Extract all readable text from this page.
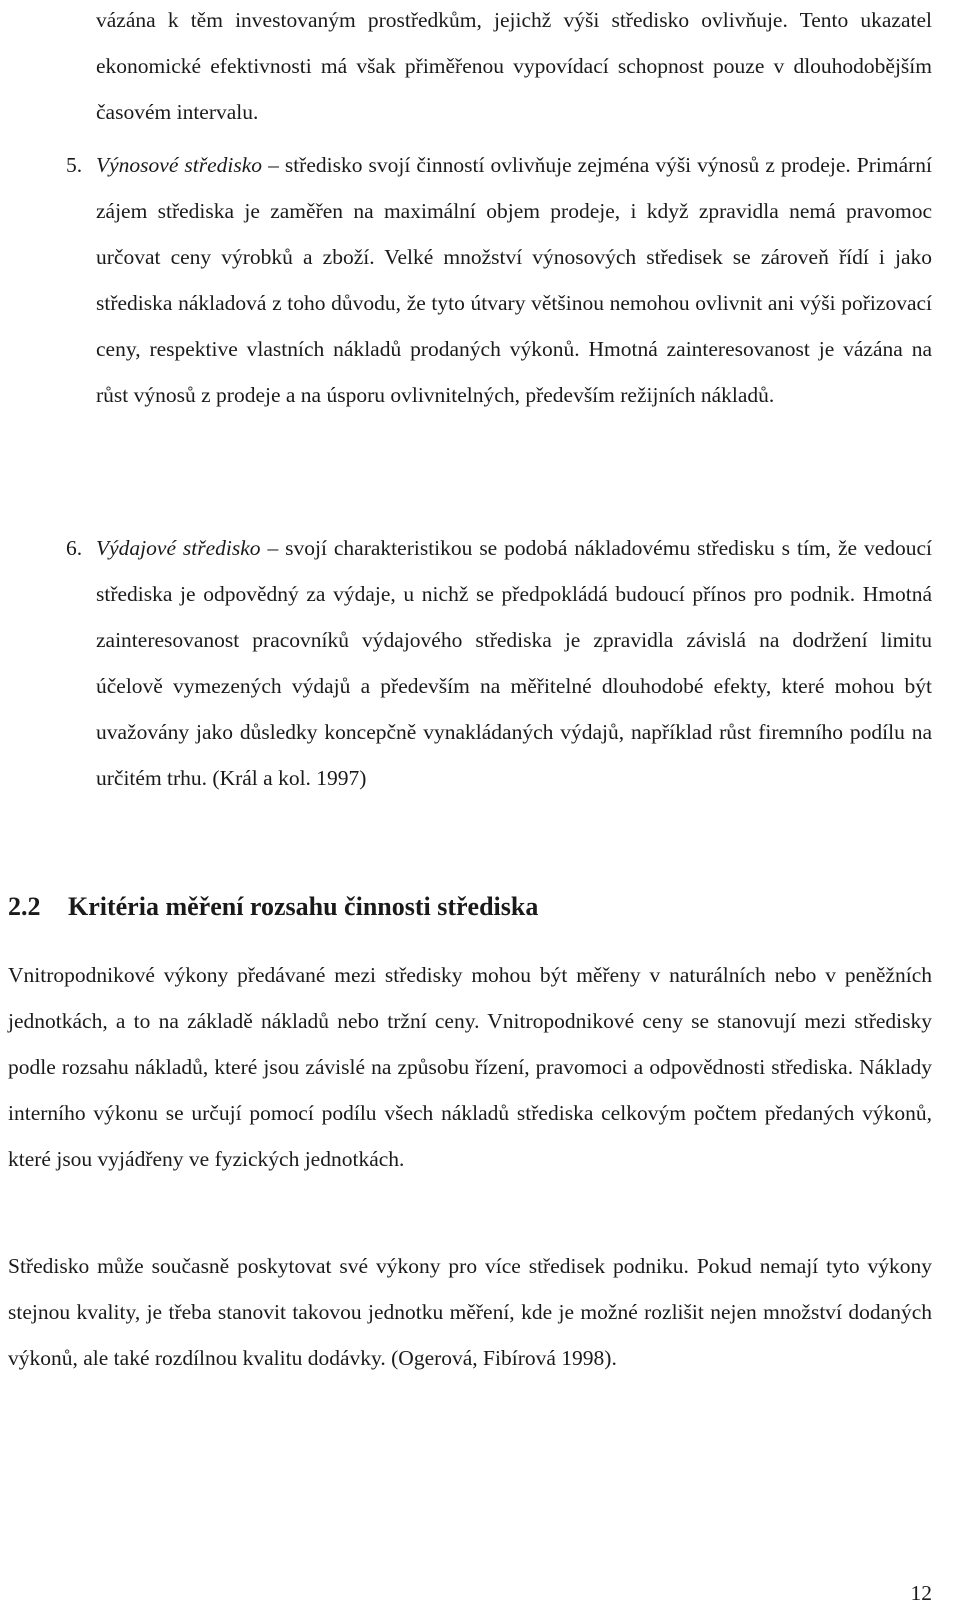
vázána k těm investovaným prostředkům, jejichž výši středisko ovlivňuje. Tento ukazatel ekonomické efektivnosti má však přiměřenou vypovídací schopnost pouze v dlouhodobějším časovém intervalu.

5. Výnosové středisko – středisko svojí činností ovlivňuje zejména výši výnosů z prodeje. Primární zájem střediska je zaměřen na maximální objem prodeje, i když zpravidla nemá pravomoc určovat ceny výrobků a zboží. Velké množství výnosových středisek se zároveň řídí i jako střediska nákladová z toho důvodu, že tyto útvary většinou nemohou ovlivnit ani výši pořizovací ceny, respektive vlastních nákladů prodaných výkonů. Hmotná zainteresovanost je vázána na růst výnosů z prodeje a na úsporu ovlivnitelných, především režijních nákladů.

6. Výdajové středisko – svojí charakteristikou se podobá nákladovému středisku s tím, že vedoucí střediska je odpovědný za výdaje, u nichž se předpokládá budoucí přínos pro podnik. Hmotná zainteresovanost pracovníků výdajového střediska je zpravidla závislá na dodržení limitu účelově vymezených výdajů a především na měřitelné dlouhodobé efekty, které mohou být uvažovány jako důsledky koncepčně vynakládaných výdajů, například růst firemního podílu na určitém trhu. (Král a kol. 1997)

2.2 Kritéria měření rozsahu činnosti střediska

Vnitropodnikové výkony předávané mezi středisky mohou být měřeny v naturálních nebo v peněžních jednotkách, a to na základě nákladů nebo tržní ceny. Vnitropodnikové ceny se stanovují mezi středisky podle rozsahu nákladů, které jsou závislé na způsobu řízení, pravomoci a odpovědnosti střediska. Náklady interního výkonu se určují pomocí podílu všech nákladů střediska celkovým počtem předaných výkonů, které jsou vyjádřeny ve fyzických jednotkách.

Středisko může současně poskytovat své výkony pro více středisek podniku. Pokud nemají tyto výkony stejnou kvality, je třeba stanovit takovou jednotku měření, kde je možné rozlišit nejen množství dodaných výkonů, ale také rozdílnou kvalitu dodávky. (Ogerová, Fibírová 1998).

12
